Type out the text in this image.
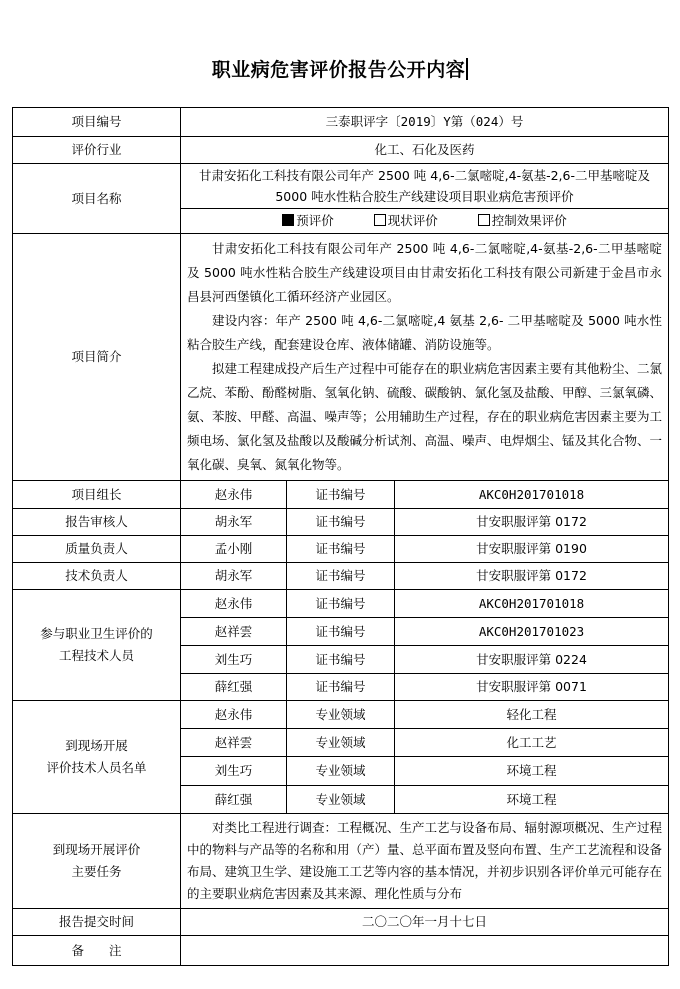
职业病危害评价报告公开内容
项目编号	三泰职评字〔2019〕Y第（024）号		
评价行业	化工、石化及医药		
项目名称	甘肃安拓化工科技有限公司年产 2500 吨 4,6-二氯嘧啶,4-氨基-2,6-二甲基嘧啶及 5000 吨水性粘合胶生产线建设项目职业病危害预评价		
	预评价 现状评价 控制效果评价		
项目简介	甘肃安拓化工科技有限公司年产 2500 吨 4,6-二氯嘧啶,4-氨基-2,6-二甲基嘧啶及 5000 吨水性粘合胶生产线建设项目由甘肃安拓化工科技有限公司新建于金昌市永昌县河西堡镇化工循环经济产业园区。

建设内容：年产 2500 吨 4,6-二氯嘧啶,4 氨基 2,6- 二甲基嘧啶及 5000 吨水性粘合胶生产线，配套建设仓库、液体储罐、消防设施等。

拟建工程建成投产后生产过程中可能存在的职业病危害因素主要有其他粉尘、二氯乙烷、苯酚、酚醛树脂、氢氧化钠、硫酸、碳酸钠、氯化氢及盐酸、甲醇、三氯氧磷、氨、苯胺、甲醛、高温、噪声等；公用辅助生产过程，存在的职业病危害因素主要为工频电场、氯化氢及盐酸以及酸碱分析试剂、高温、噪声、电焊烟尘、锰及其化合物、一氧化碳、臭氧、氮氧化物等。		

项目组长	赵永伟	证书编号	AKC0H201701018
报告审核人	胡永军	证书编号	甘安职服评第 0172
质量负责人	孟小刚	证书编号	甘安职服评第 0190
技术负责人	胡永军	证书编号	甘安职服评第 0172

参与职业卫生评价的
工程技术人员	赵永伟	证书编号	AKC0H201701018
	赵祥雲	证书编号	AKC0H201701023
	刘生巧	证书编号	甘安职服评第 0224
	薛红强	证书编号	甘安职服评第 0071

到现场开展
评价技术人员名单	赵永伟	专业领域	轻化工程
	赵祥雲	专业领域	化工工艺
	刘生巧	专业领域	环境工程
	薛红强	专业领域	环境工程

到现场开展评价
主要任务	对类比工程进行调查：工程概况、生产工艺与设备布局、辐射源项概况、生产过程中的物料与产品等的名称和用（产）量、总平面布置及竖向布置、生产工艺流程和设备布局、建筑卫生学、建设施工工艺等内容的基本情况，并初步识别各评价单元可能存在的主要职业病危害因素及其来源、理化性质与分布		

报告提交时间	二〇二〇年一月十七日		
备　　注			
